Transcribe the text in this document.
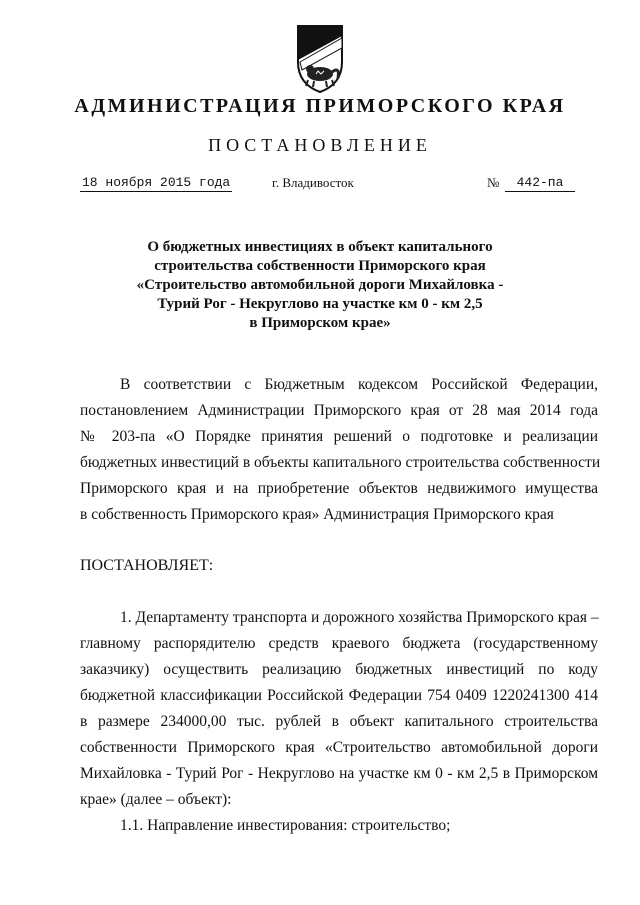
АДМИНИСТРАЦИЯ ПРИМОРСКОГО КРАЯ
ПОСТАНОВЛЕНИЕ
18 ноября 2015 года	г. Владивосток	№	442-па
О бюджетных инвестициях в объект капитального
строительства собственности Приморского края
«Строительство автомобильной дороги Михайловка -
Турий Рог - Некруглово на участке км 0 - км 2,5
в Приморском крае»
В соответствии с Бюджетным кодексом Российской Федерации,
постановлением Администрации Приморского края от 28 мая 2014 года
№ 203-па «О Порядке принятия решений о подготовке и реализации
бюджетных инвестиций в объекты капитального строительства собственности
Приморского края и на приобретение объектов недвижимого имущества
в собственность Приморского края» Администрация Приморского края
ПОСТАНОВЛЯЕТ:
1. Департаменту транспорта и дорожного хозяйства Приморского края –
главному распорядителю средств краевого бюджета (государственному
заказчику) осуществить реализацию бюджетных инвестиций по коду
бюджетной классификации Российской Федерации 754 0409 1220241300 414
в размере 234000,00 тыс. рублей в объект капитального строительства
собственности Приморского края «Строительство автомобильной дороги
Михайловка - Турий Рог - Некруглово на участке км 0 - км 2,5 в Приморском
крае» (далее – объект):
1.1. Направление инвестирования: строительство;
